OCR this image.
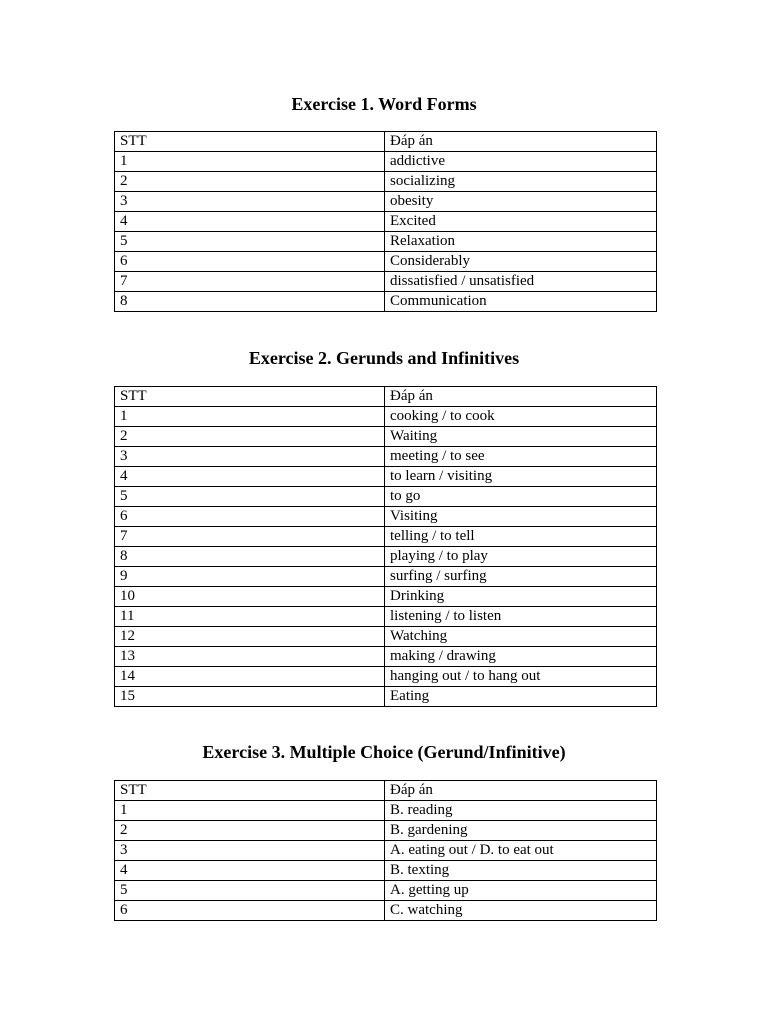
Exercise 1. Word Forms
STT	Đáp án
1	addictive
2	socializing
3	obesity
4	Excited
5	Relaxation
6	Considerably
7	dissatisfied / unsatisfied
8	Communication
Exercise 2. Gerunds and Infinitives
STT	Đáp án
1	cooking / to cook
2	Waiting
3	meeting / to see
4	to learn / visiting
5	to go
6	Visiting
7	telling / to tell
8	playing / to play
9	surfing / surfing
10	Drinking
11	listening / to listen
12	Watching
13	making / drawing
14	hanging out / to hang out
15	Eating
Exercise 3. Multiple Choice (Gerund/Infinitive)
STT	Đáp án
1	B. reading
2	B. gardening
3	A. eating out / D. to eat out
4	B. texting
5	A. getting up
6	C. watching
